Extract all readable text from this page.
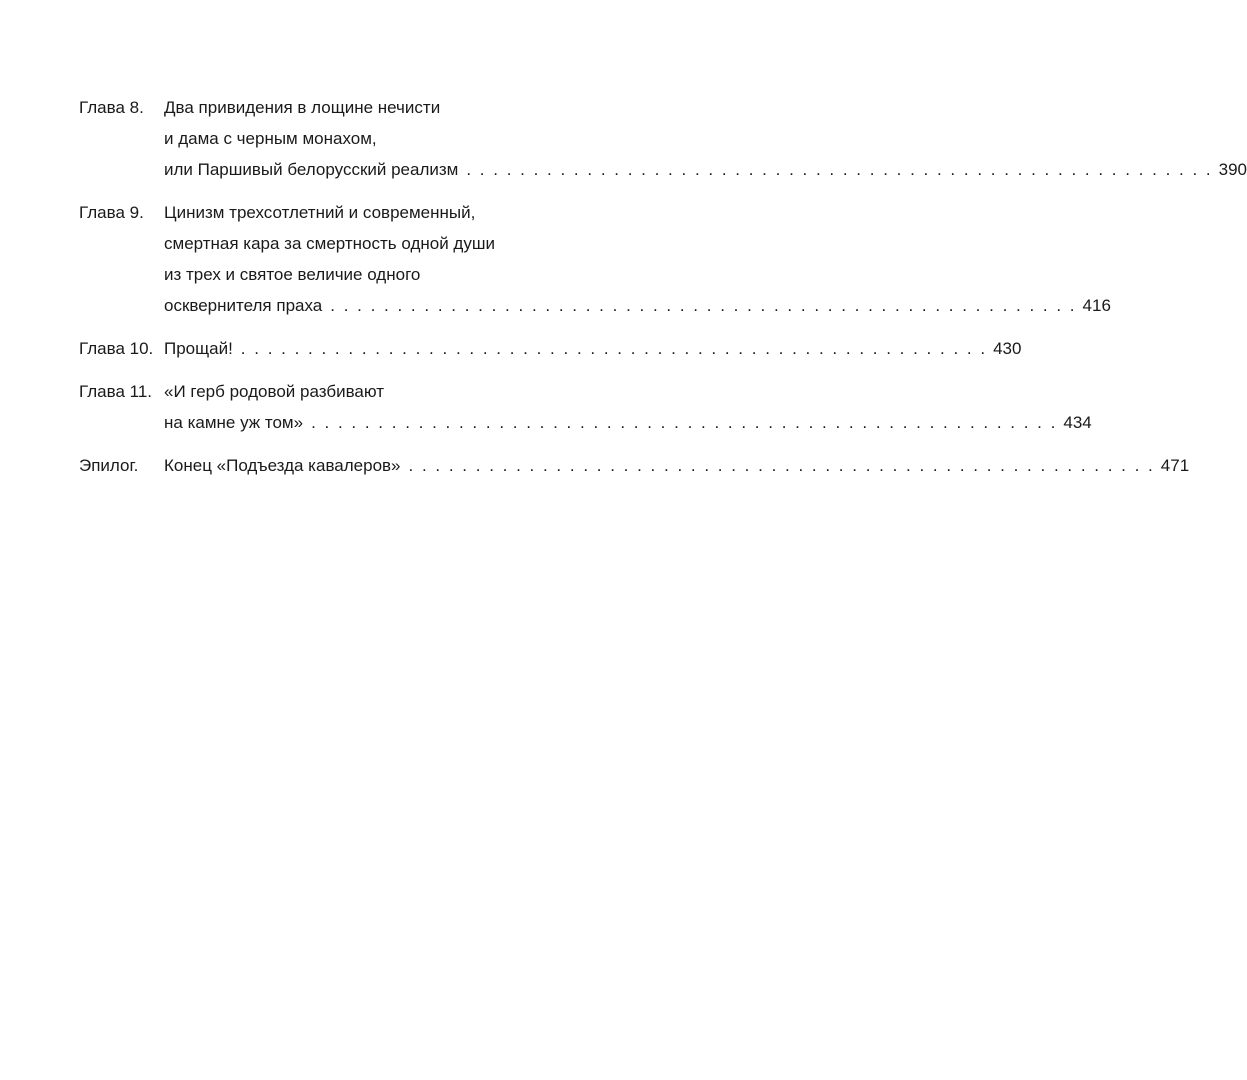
Глава 8.	Два привидения в лощине нечисти
и дама с черным монахом,
или Паршивый белорусский реализм . . . . . . . . . . . . . . . . . . . . . . . . . . . . . . . . . . . . . . . . . . . . . . . . . . . . . . . . 390
Глава 9.	Цинизм трехсотлетний и современный,
смертная кара за смертность одной души
из трех и святое величие одного
осквернителя праха . . . . . . . . . . . . . . . . . . . . . . . . . . . . . . . . . . . . . . . . . . . . . . . . . . . . . . . . 416
Глава 10. Прощай! . . . . . . . . . . . . . . . . . . . . . . . . . . . . . . . . . . . . . . . . . . . . . . . . . . . . . . . . 430
Глава 11. «И герб родовой разбивают
на камне уж том» . . . . . . . . . . . . . . . . . . . . . . . . . . . . . . . . . . . . . . . . . . . . . . . . . . . . . . . . 434
Эпилог.	Конец «Подъезда кавалеров» . . . . . . . . . . . . . . . . . . . . . . . . . . . . . . . . . . . . . . . . . . . . . . . . . . . . . . . . 471
